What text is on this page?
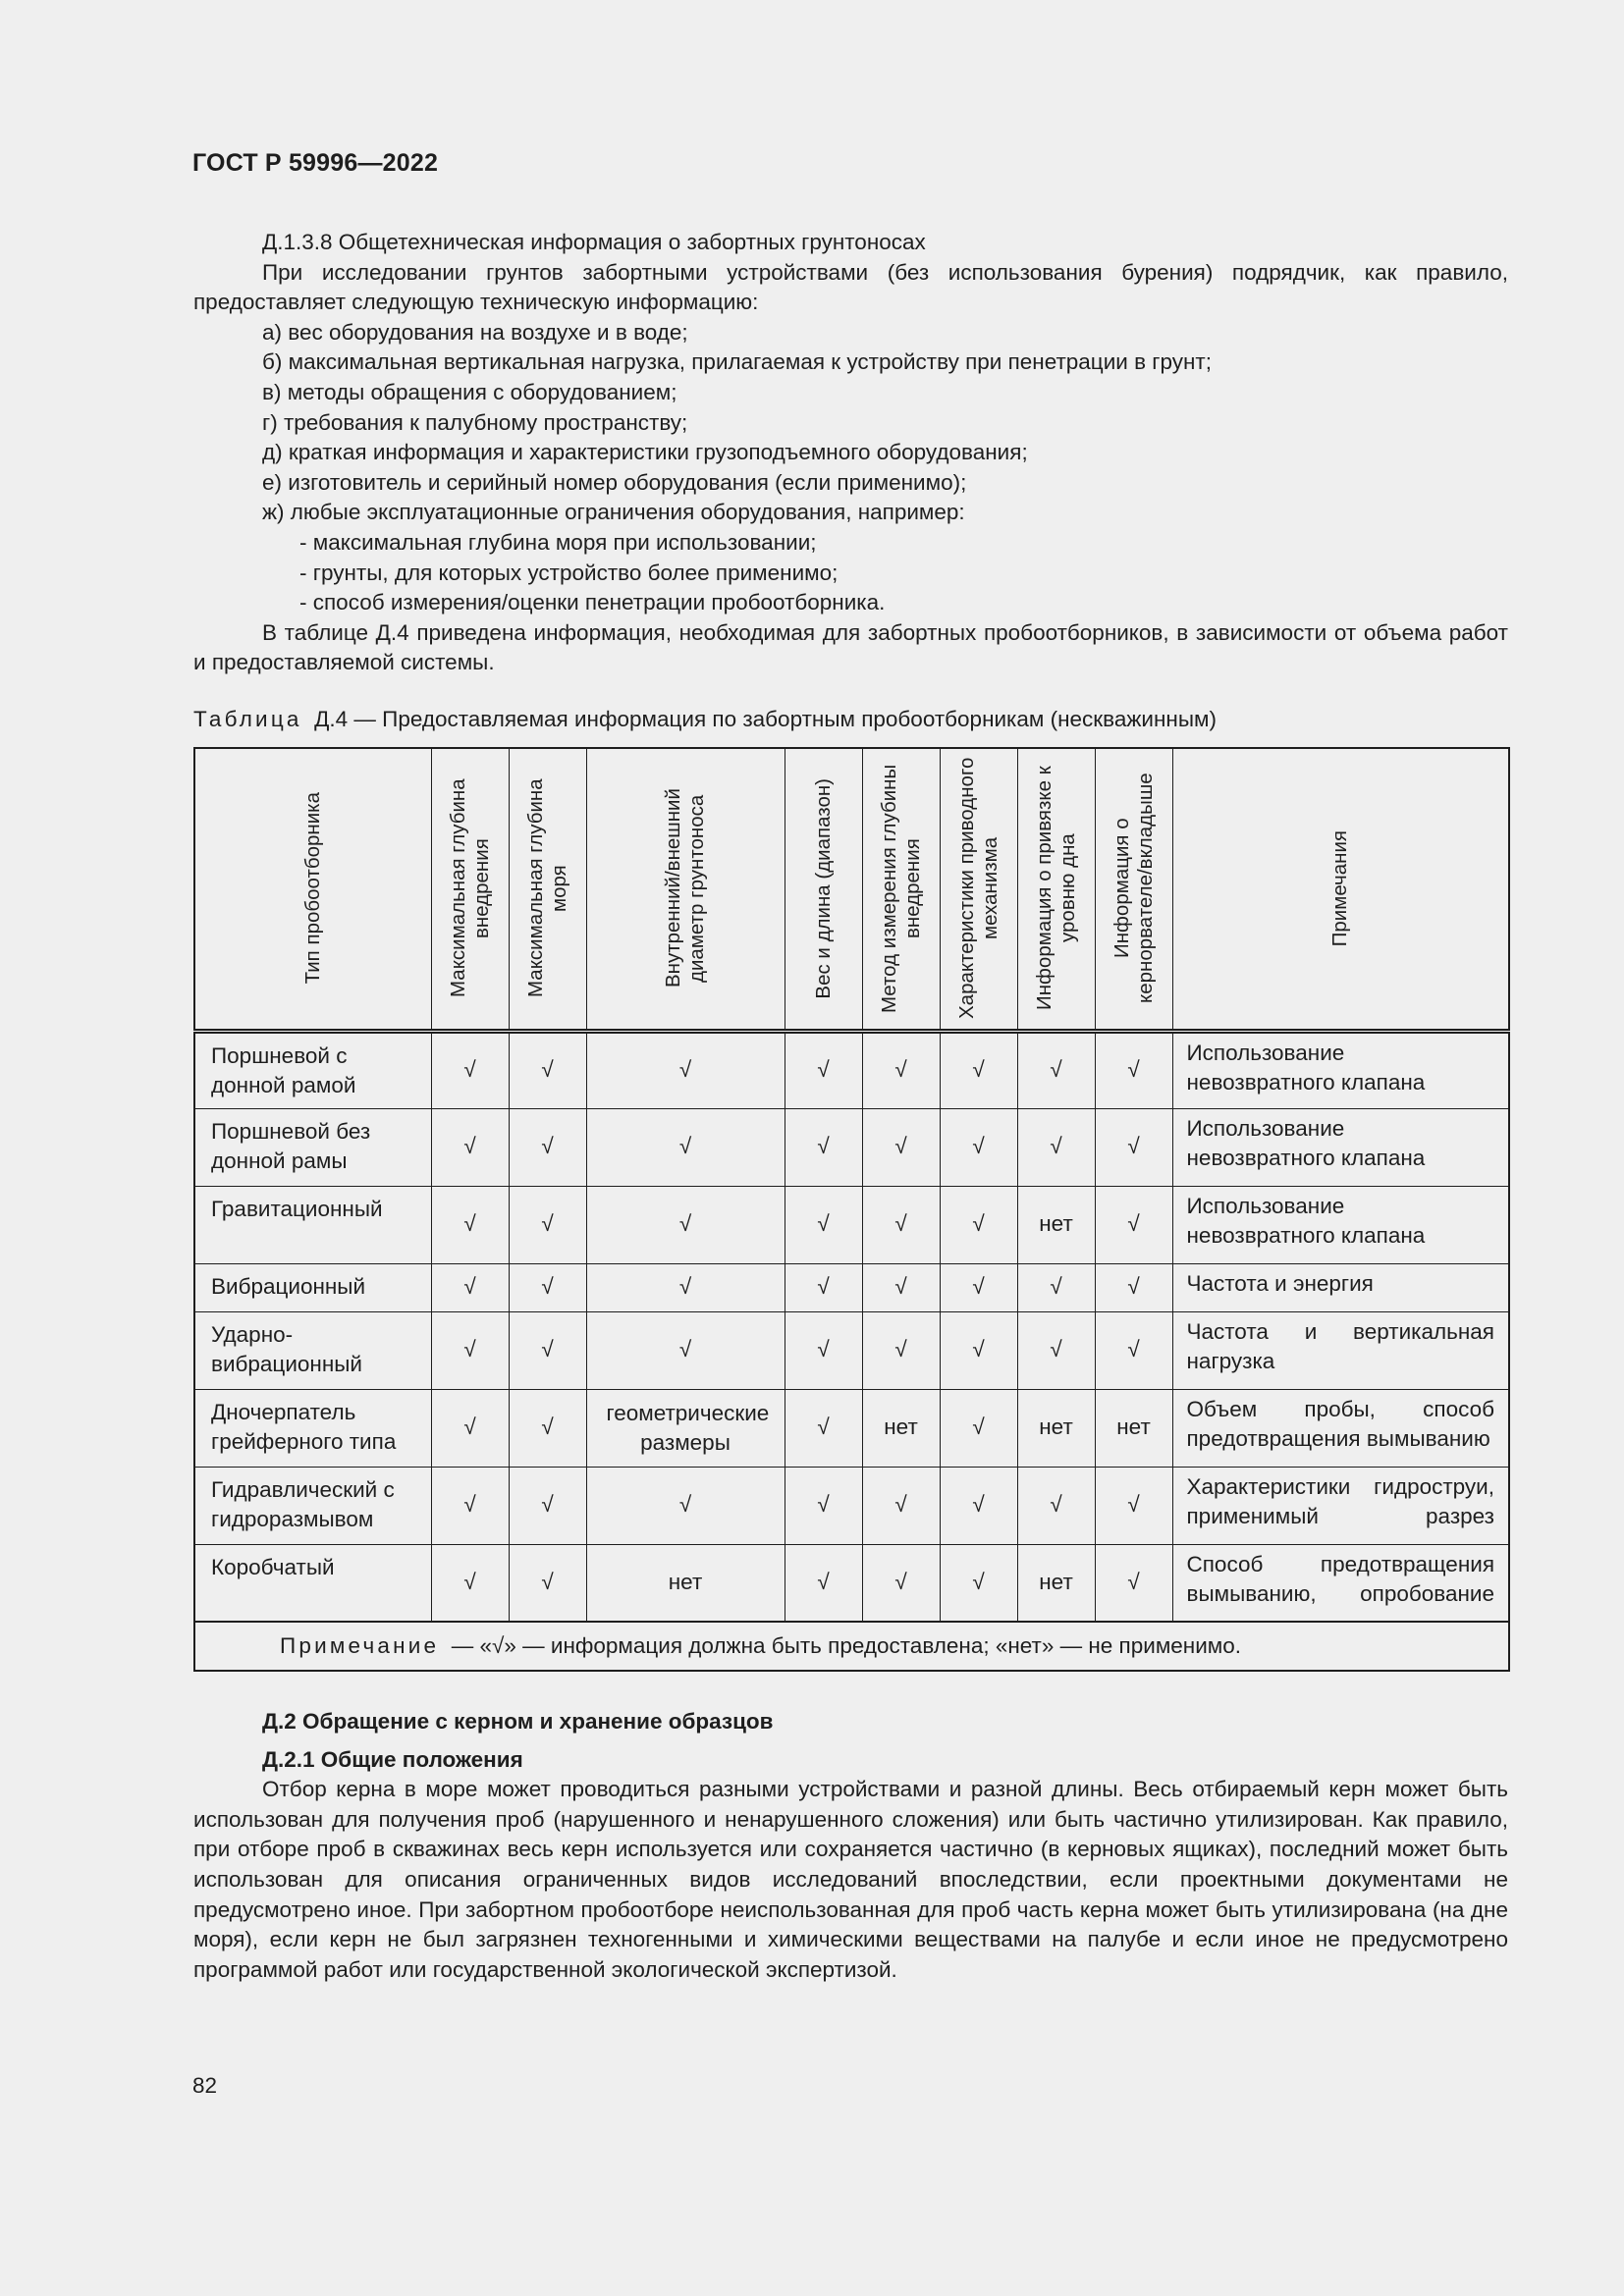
ГОСТ Р 59996—2022

Д.1.3.8 Общетехническая информация о забортных грунтоносах

При исследовании грунтов забортными устройствами (без использования бурения) подрядчик, как правило, предоставляет следующую техническую информацию:

а) вес оборудования на воздухе и в воде;

б) максимальная вертикальная нагрузка, прилагаемая к устройству при пенетрации в грунт;

в) методы обращения с оборудованием;

г) требования к палубному пространству;

д) краткая информация и характеристики грузоподъемного оборудования;

е) изготовитель и серийный номер оборудования (если применимо);

ж) любые эксплуатационные ограничения оборудования, например:

- максимальная глубина моря при использовании;

- грунты, для которых устройство более применимо;

- способ измерения/оценки пенетрации пробоотборника.

В таблице Д.4 приведена информация, необходимая для забортных пробоотборников, в зависимости от объема работ и предоставляемой системы.

Таблица Д.4 — Предоставляемая информация по забортным пробоотборникам (нескважинным)

Тип пробоотборника	Максимальная глубина внедрения	Максимальная глубина моря	Внутренний/внешний диаметр грунтоноса	Вес и длина (диапазон)	Метод измерения глубины внедрения	Характеристики приводного механизма	Информация о привязке к уровню дна	Информация о кернорвателе/вкладыше	Примечания

Поршневой с донной рамой	√	√	√	√	√	√	√	√	Использование невозвратного клапана

Поршневой без донной рамы	√	√	√	√	√	√	√	√	Использование невозвратного клапана

Гравитационный	√	√	√	√	√	√	нет	√	Использование невозвратного клапана

Вибрационный	√	√	√	√	√	√	√	√	Частота и энергия

Ударно-вибрационный	√	√	√	√	√	√	√	√	Частота и вертикальная нагрузка

Дночерпатель грейферного типа	√	√	геометрические размеры	√	нет	√	нет	нет	Объем пробы, способ предотвращения вымыванию

Гидравлический с гидроразмывом	√	√	√	√	√	√	√	√	Характеристики гидроструи, применимый разрез

Коробчатый	√	√	нет	√	√	√	нет	√	Способ предотвращения вымыванию, опробование

Примечание — «√» — информация должна быть предоставлена; «нет» — не применимо.									

Д.2 Обращение с керном и хранение образцов

Д.2.1 Общие положения

Отбор керна в море может проводиться разными устройствами и разной длины. Весь отбираемый керн может быть использован для получения проб (нарушенного и ненарушенного сложения) или быть частично утилизирован. Как правило, при отборе проб в скважинах весь керн используется или сохраняется частично (в керновых ящиках), последний может быть использован для описания ограниченных видов исследований впоследствии, если проектными документами не предусмотрено иное. При забортном пробоотборе неиспользованная для проб часть керна может быть утилизирована (на дне моря), если керн не был загрязнен техногенными и химическими веществами на палубе и если иное не предусмотрено программой работ или государственной экологической экспертизой.

82
